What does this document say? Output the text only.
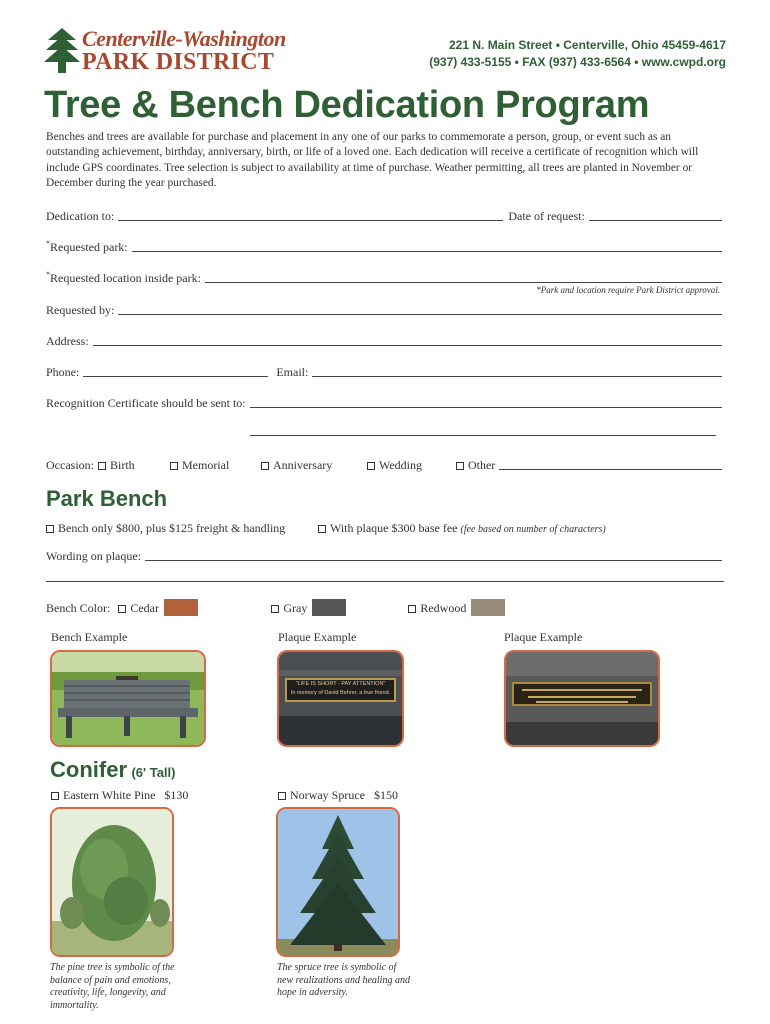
Centerville-Washington
PARK DISTRICT
221 N. Main Street • Centerville, Ohio 45459-4617
(937) 433-5155 • FAX (937) 433-6564 • www.cwpd.org
Tree & Bench Dedication Program
Benches and trees are available for purchase and placement in any one of our parks to commemorate a person, group, or event such as an outstanding achievement, birthday, anniversary, birth, or life of a loved one. Each dedication will receive a certificate of recognition which will include GPS coordinates. Tree selection is subject to availability at time of purchase. Weather permitting, all trees are planted in November or December during the year purchased.
Dedication to:	Date of request:
*Requested park:
*Requested location inside park:
*Park and location require Park District approval.
Requested by:
Address:
Phone:	Email:
Recognition Certificate should be sent to:
Occasion:	Birth	Memorial	Anniversary	Wedding	Other
Park Bench
Bench only $800, plus $125 freight & handling	With plaque $300 base fee (fee based on number of characters)
Wording on plaque:
Bench Color:	Cedar	Gray	Redwood
Bench Example	Plaque Example	Plaque Example
"LIFE IS SHORT - PAY ATTENTION"
In memory of David Behrer, a true friend.
Conifer (6' Tall)
Eastern White Pine $130	Norway Spruce $150
The pine tree is symbolic of the balance of pain and emotions, creativity, life, longevity, and immortality.
The spruce tree is symbolic of new realizations and healing and hope in adversity.
